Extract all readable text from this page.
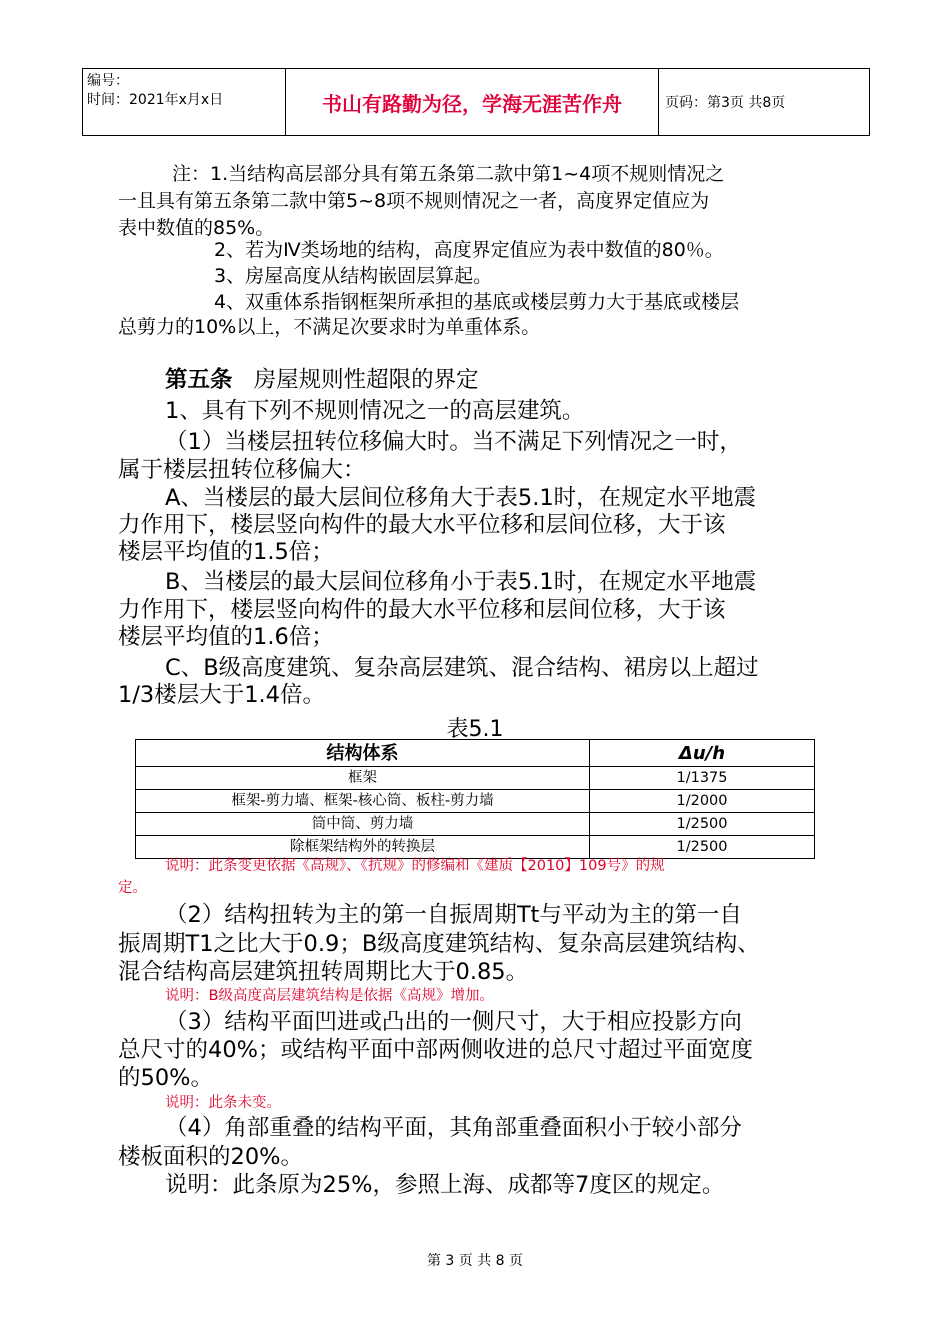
编号：
时间：2021年x月x日	书山有路勤为径，学海无涯苦作舟	页码：第3页 共8页
注：1.当结构高层部分具有第五条第二款中第1~4项不规则情况之
一且具有第五条第二款中第5~8项不规则情况之一者，高度界定值应为
表中数值的85%。
2、若为Ⅳ类场地的结构，高度界定值应为表中数值的80％。
3、房屋高度从结构嵌固层算起。
4、双重体系指钢框架所承担的基底或楼层剪力大于基底或楼层
总剪力的10%以上，不满足次要求时为单重体系。
第五条 房屋规则性超限的界定
1、具有下列不规则情况之一的高层建筑。
（1）当楼层扭转位移偏大时。当不满足下列情况之一时，
属于楼层扭转位移偏大：
A、当楼层的最大层间位移角大于表5.1时，在规定水平地震
力作用下，楼层竖向构件的最大水平位移和层间位移，大于该
楼层平均值的1.5倍；
B、当楼层的最大层间位移角小于表5.1时，在规定水平地震
力作用下，楼层竖向构件的最大水平位移和层间位移，大于该
楼层平均值的1.6倍；
C、B级高度建筑、复杂高层建筑、混合结构、裙房以上超过
1/3楼层大于1.4倍。
表5.1
结构体系	Δu/h
框架	1/1375
框架-剪力墙、框架-核心筒、板柱-剪力墙	1/2000
筒中筒、剪力墙	1/2500
除框架结构外的转换层	1/2500
说明：此条变更依据《高规》、《抗规》的修编和《建质【2010】109号》的规
定。
（2）结构扭转为主的第一自振周期Tt与平动为主的第一自
振周期T1之比大于0.9；B级高度建筑结构、复杂高层建筑结构、
混合结构高层建筑扭转周期比大于0.85。
说明：B级高度高层建筑结构是依据《高规》增加。
（3）结构平面凹进或凸出的一侧尺寸，大于相应投影方向
总尺寸的40%；或结构平面中部两侧收进的总尺寸超过平面宽度
的50%。
说明：此条未变。
（4）角部重叠的结构平面，其角部重叠面积小于较小部分
楼板面积的20%。
说明：此条原为25%，参照上海、成都等7度区的规定。
第 3 页 共 8 页
